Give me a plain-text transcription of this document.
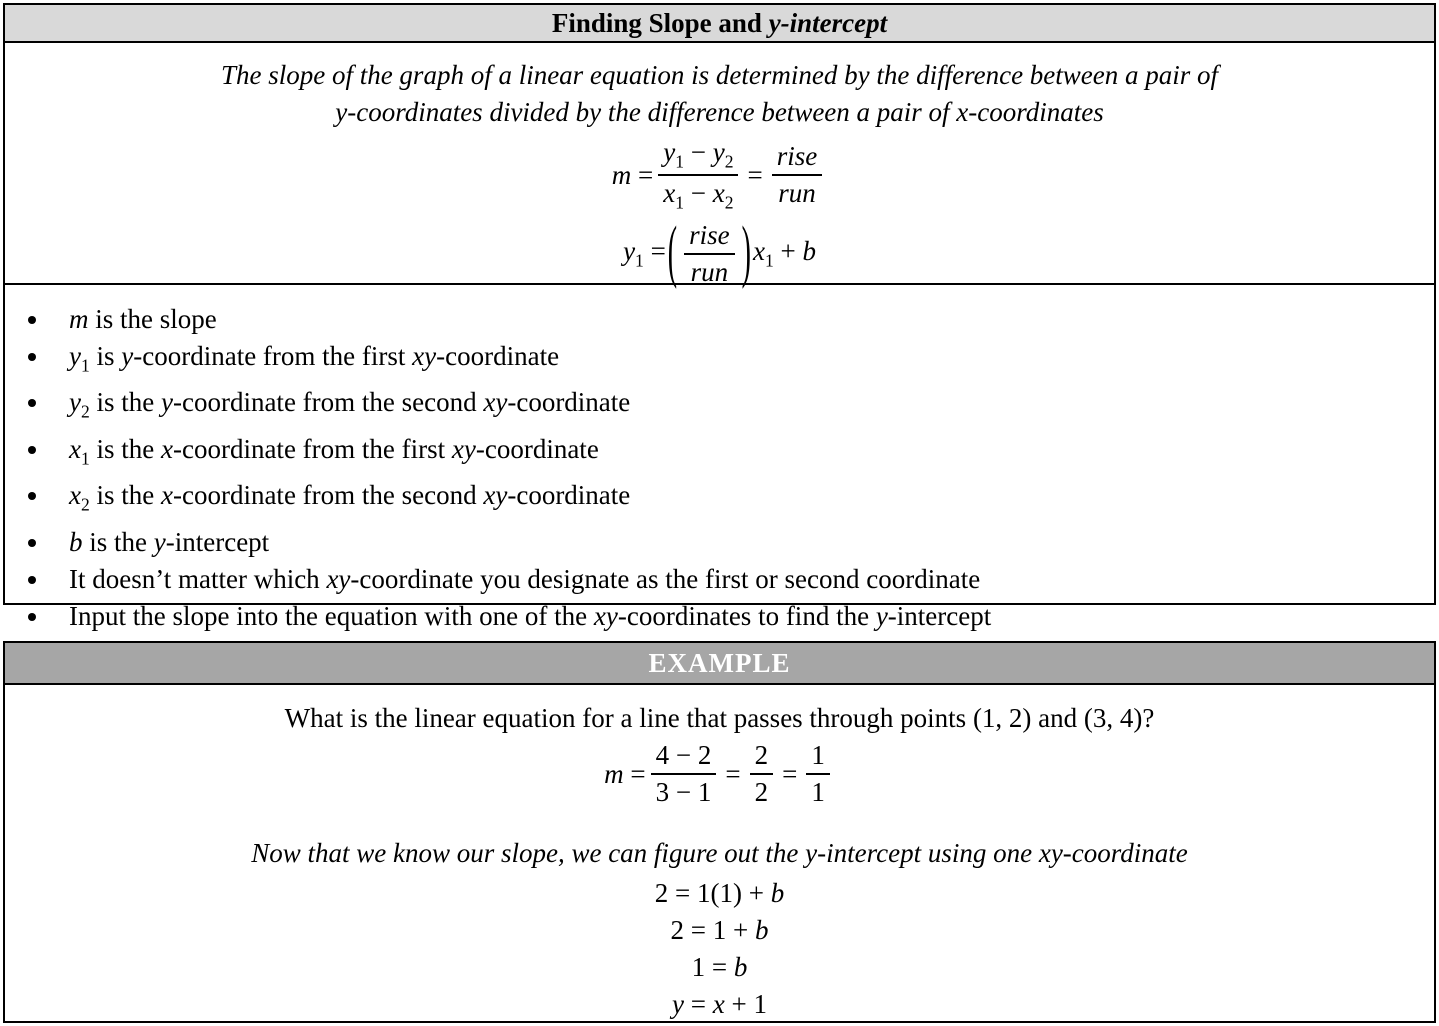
Finding Slope and y-intercept
The slope of the graph of a linear equation is determined by the difference between a pair of
y-coordinates divided by the difference between a pair of x-coordinates
$m = \frac{y_1 - y_2}{x_1 - x_2} = \frac{\text{rise}}{\text{run}}$
$y_1$ =( $\frac{\text{rise}}{\text{run}} )x_1 + b$
• m is the slope
• $y_1$ is y-coordinate from the first xy-coordinate
• $y_2$ is the y-coordinate from the second xy-coordinate
• $x_1$ is the x-coordinate from the first xy-coordinate
• $x_2$ is the x-coordinate from the second xy-coordinate
• b is the y-intercept
• It doesn’t matter which xy-coordinate you designate as the first or second coordinate
• Input the slope into the equation with one of the xy-coordinates to find the y-intercept
EXAMPLE
What is the linear equation for a line that passes through points (1, 2) and (3, 4)?
$m = \frac{4 - 2}{3 - 1} = \frac{2}{2} = \frac{1}{1}$
Now that we know our slope, we can figure out the y-intercept using one xy-coordinate
2 = 1(1) + b
2 = 1 + b
1 = b
y = x + 1
